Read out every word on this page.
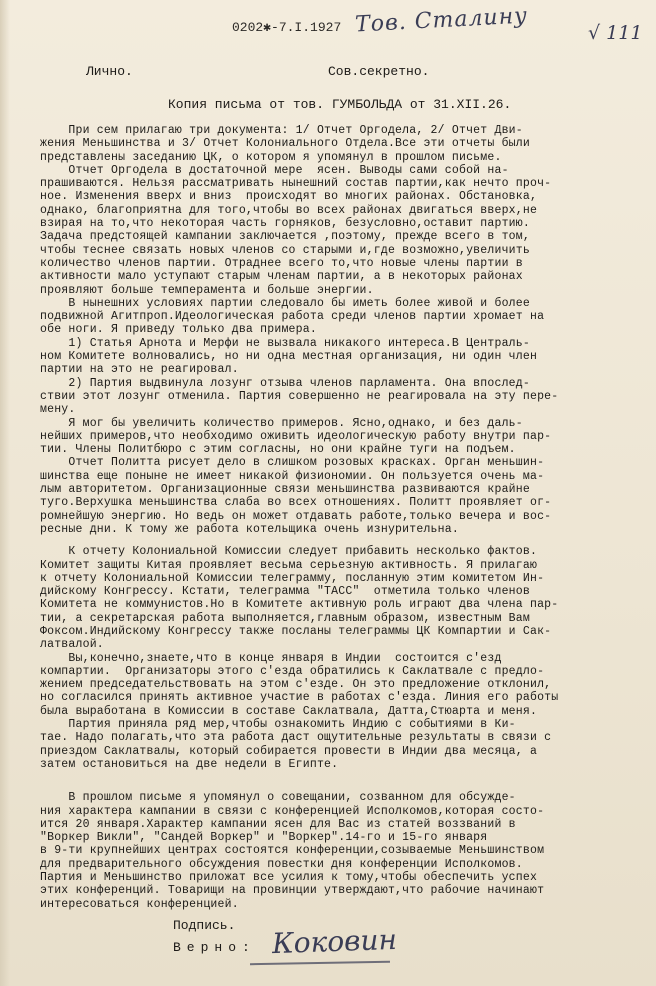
0202✱-7.I.1927 Тов. Сталину	√ 111
Лично.	Сов.секретно.
Копия письма от тов. ГУМБОЛЬДА от 31.XII.26.
При сем прилагаю три документа: 1/ Отчет Оргодела, 2/ Отчет Дви-
жения Меньшинства и 3/ Отчет Колониального Отдела.Все эти отчеты были
представлены заседанию ЦК, о котором я упомянул в прошлом письме.
Отчет Оргодела в достаточной мере  ясен. Выводы сами собой на-
прашиваются. Нельзя рассматривать нынешний состав партии,как нечто проч-
ное. Изменения вверх и вниз  происходят во многих районах. Обстановка,
однако, благоприятна для того,чтобы во всех районах двигаться вверх,не
взирая на то,что некоторая часть горняков, безусловно,оставит партию.
Задача предстоящей кампании заключается ,поэтому, прежде всего в том,
чтобы теснее связать новых членов со старыми и,где возможно,увеличить
количество членов партии. Отраднее всего то,что новые члены партии в
активности мало уступают старым членам партии, а в некоторых районах
проявляют больше темперамента и больше энергии.
В нынешних условиях партии следовало бы иметь более живой и более
подвижной Агитпроп.Идеологическая работа среди членов партии хромает на
обе ноги. Я приведу только два примера.
1) Статья Арнота и Мерфи не вызвала никакого интереса.В Централь-
ном Комитете волновались, но ни одна местная организация, ни один член
партии на это не реагировал.
2) Партия выдвинула лозунг отзыва членов парламента. Она впослед-
ствии этот лозунг отменила. Партия совершенно не реагировала на эту пере-
мену.
Я мог бы увеличить количество примеров. Ясно,однако, и без даль-
нейших примеров,что необходимо оживить идеологическую работу внутри пар-
тии. Члены Политбюро с этим согласны, но они крайне туги на подъем.
Отчет Политта рисует дело в слишком розовых красках. Орган меньшин-
шинства еще поныне не имеет никакой физиономии. Он пользуется очень ма-
лым авторитетом. Организационные связи меньшинства развиваются крайне
туго.Верхушка меньшинства слаба во всех отношениях. Политт проявляет ог-
ромнейшую энергию. Но ведь он может отдавать работе,только вечера и вос-
ресные дни. К тому же работа котельщика очень изнурительна.
К отчету Колониальной Комиссии следует прибавить несколько фактов.
Комитет защиты Китая проявляет весьма серьезную активность. Я прилагаю
к отчету Колониальной Комиссии телеграмму, посланную этим комитетом Ин-
дийскому Конгрессу. Кстати, телеграмма "ТАСС"  отметила только членов
Комитета не коммунистов.Но в Комитете активную роль играют два члена пар-
тии, а секретарская работа выполняется,главным образом, известным Вам
Фоксом.Индийскому Конгрессу также посланы телеграммы ЦК Компартии и Сак-
латвалой.
Вы,конечно,знаете,что в конце января в Индии  состоится с'езд
компартии.  Организаторы этого с'езда обратились к Саклатвале с предло-
жением председательствовать на этом с'езде. Он это предложение отклонил,
но согласился принять активное участие в работах с'езда. Линия его работы
была выработана в Комиссии в составе Саклатвала, Датта,Стюарта и меня.
Партия приняла ряд мер,чтобы ознакомить Индию с событиями в Ки-
тае. Надо полагать,что эта работа даст ощутительные результаты в связи с
приездом Саклатвалы, который собирается провести в Индии два месяца, а
затем остановиться на две недели в Египте.
В прошлом письме я упомянул о совещании, созванном для обсужде-
ния характера кампании в связи с конференцией Исполкомов,которая состо-
ится 20 января.Характер кампании ясен для Вас из статей воззваний в
"Воркер Викли", "Сандей Воркер" и "Воркер".14-го и 15-го января
в 9-ти крупнейших центрах состоятся конференции,созываемые Меньшинством
для предварительного обсуждения повестки дня конференции Исполкомов.
Партия и Меньшинство приложат все усилия к тому,чтобы обеспечить успех
этих конференций. Товарищи на провинции утверждают,что рабочие начинают
интересоваться конференцией.
Подпись.
Верно: Коковин
